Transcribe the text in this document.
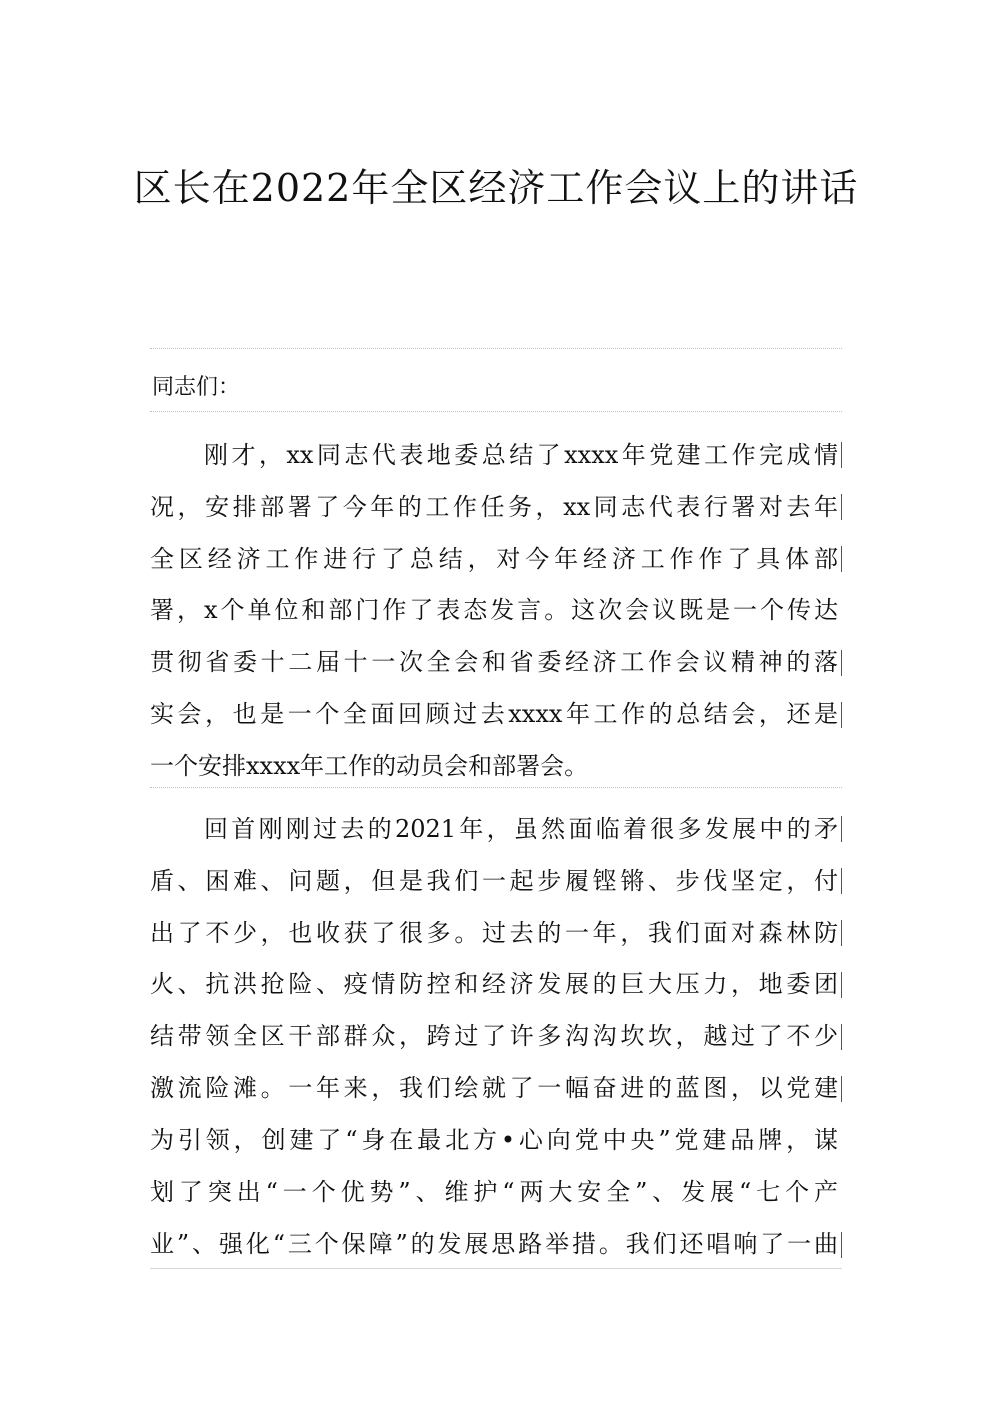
区长在2022年全区经济工作会议上的讲话
同志们：
刚才，xx同志代表地委总结了xxxx年党建工作完成情
况，安排部署了今年的工作任务，xx同志代表行署对去年
全区经济工作进行了总结，对今年经济工作作了具体部
署，x个单位和部门作了表态发言。这次会议既是一个传达
贯彻省委十二届十一次全会和省委经济工作会议精神的落
实会，也是一个全面回顾过去xxxx年工作的总结会，还是
一个安排xxxx年工作的动员会和部署会。
回首刚刚过去的2021年，虽然面临着很多发展中的矛
盾、困难、问题，但是我们一起步履铿锵、步伐坚定，付
出了不少，也收获了很多。过去的一年，我们面对森林防
火、抗洪抢险、疫情防控和经济发展的巨大压力，地委团
结带领全区干部群众，跨过了许多沟沟坎坎，越过了不少
激流险滩。一年来，我们绘就了一幅奋进的蓝图，以党建
为引领，创建了“身在最北方•心向党中央”党建品牌，谋
划了突出“一个优势”、维护“两大安全”、发展“七个产
业”、强化“三个保障”的发展思路举措。我们还唱响了一曲
